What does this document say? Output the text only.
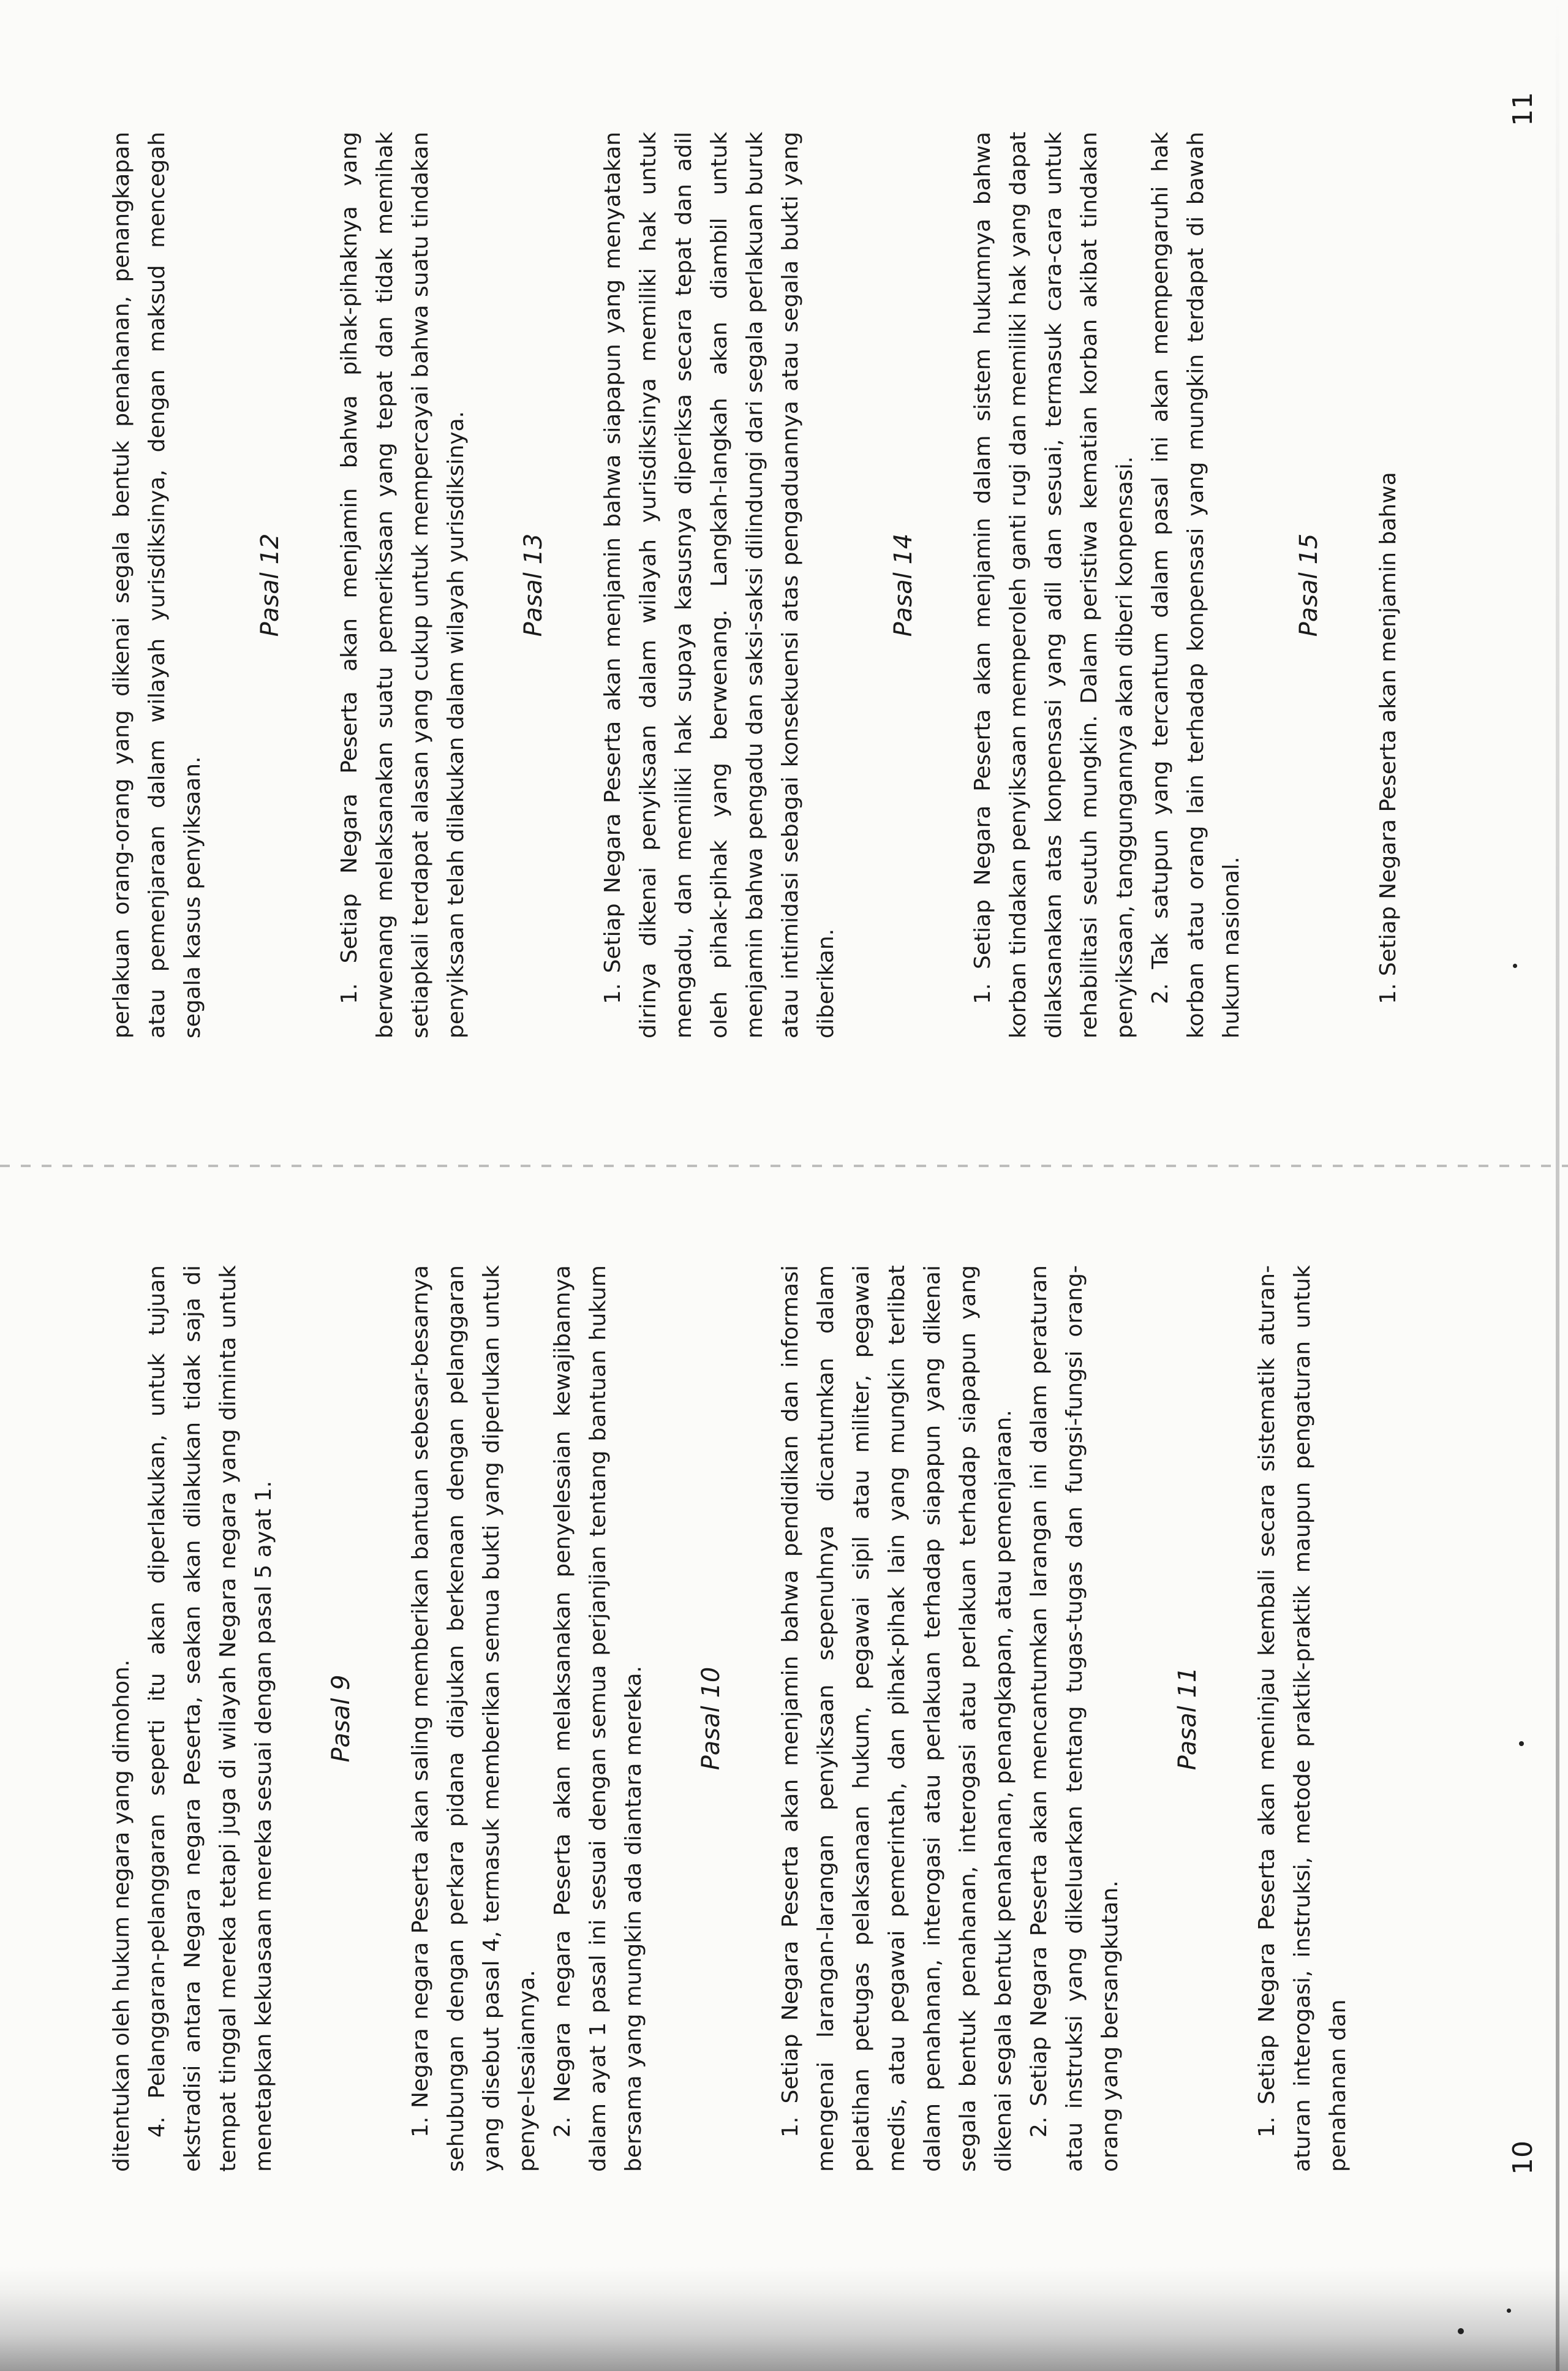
ditentukan oleh hukum negara yang dimohon. 4. Pelanggaran-pelanggaran seperti itu akan diperlakukan, untuk tujuan ekstradisi antara Negara negara Peserta, seakan akan dilakukan tidak saja di tempat tinggal mereka tetapi juga di wilayah Negara negara yang diminta untuk menetapkan kekuasaan mereka sesuai dengan pasal 5 ayat 1. Pasal 9 1. Negara negara Peserta akan saling memberikan bantuan sebesar-besarnya sehubungan dengan perkara pidana diajukan berkenaan dengan pelanggaran yang disebut pasal 4, termasuk memberikan semua bukti yang diperlukan untuk penye-lesaiannya. 2. Negara negara Peserta akan melaksanakan penyelesaian kewajibannya dalam ayat 1 pasal ini sesuai dengan semua perjanjian tentang bantuan hukum bersama yang mungkin ada diantara mereka. Pasal 10 1. Setiap Negara Peserta akan menjamin bahwa pendidikan dan informasi mengenai larangan-larangan penyiksaan sepenuhnya dicantumkan dalam pelatihan petugas pelaksanaan hukum, pegawai sipil atau militer, pegawai medis, atau pegawai pemerintah, dan pihak-pihak lain yang mungkin terlibat dalam penahanan, interogasi atau perlakuan terhadap siapapun yang dikenai segala bentuk penahanan, interogasi atau perlakuan terhadap siapapun yang dikenai segala bentuk penahanan, penangkapan, atau pemenjaraan. 2. Setiap Negara Peserta akan mencantumkan larangan ini dalam peraturan atau instruksi yang dikeluarkan tentang tugas-tugas dan fungsi-fungsi orang-orang yang bersangkutan.

Pasal 11 1. Setiap Negara Peserta akan meninjau kembali secara sistematik aturan-aturan interogasi, instruksi, metode praktik-praktik maupun pengaturan untuk penahanan dan	10

perlakuan orang-orang yang dikenai segala bentuk penahanan, penangkapan atau pemenjaraan dalam wilayah yurisdiksinya, dengan maksud mencegah segala kasus penyiksaan.

Pasal 12 1. Setiap Negara Peserta akan menjamin bahwa pihak-pihaknya yang berwenang melaksanakan suatu pemeriksaan yang tepat dan tidak memihak setiapkali terdapat alasan yang cukup untuk mempercayai bahwa suatu tindakan penyiksaan telah dilakukan dalam wilayah yurisdiksinya. Pasal 13 1. Setiap Negara Peserta akan menjamin bahwa siapapun yang menyatakan dirinya dikenai penyiksaan dalam wilayah yurisdiksinya memiliki hak untuk mengadu, dan memiliki hak supaya kasusnya diperiksa secara tepat dan adil oleh pihak-pihak yang berwenang. Langkah-langkah akan diambil untuk menjamin bahwa pengadu dan saksi-saksi dilindungi dari segala perlakuan buruk atau intimidasi sebagai konsekuensi atas pengaduannya atau segala bukti yang diberikan.

Pasal 14 1. Setiap Negara Peserta akan menjamin dalam sistem hukumnya bahwa korban tindakan penyiksaan memperoleh ganti rugi dan memiliki hak yang dapat dilaksanakan atas konpensasi yang adil dan sesuai, termasuk cara-cara untuk rehabilitasi seutuh mungkin. Dalam peristiwa kematian korban akibat tindakan penyiksaan, tanggungannya akan diberi konpensasi. 2. Tak satupun yang tercantum dalam pasal ini akan mempengaruhi hak korban atau orang lain terhadap konpensasi yang mungkin terdapat di bawah hukum nasional.

Pasal 15 1. Setiap Negara Peserta akan menjamin bahwa

11
